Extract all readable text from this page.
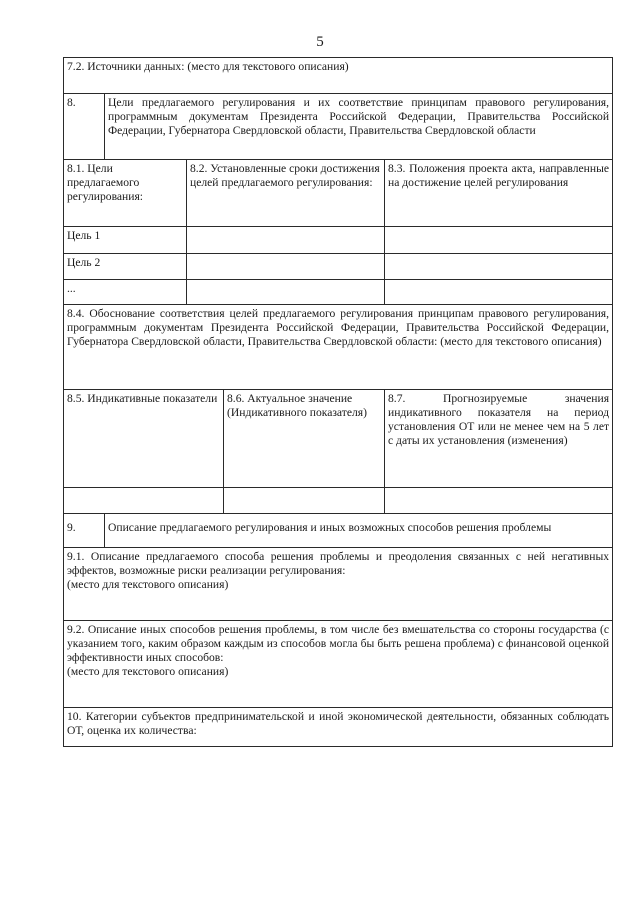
5
7.2. Источники данных: (место для текстового описания)				
8.	Цели предлагаемого регулирования и их соответствие принципам правового регулирования, программным документам Президента Российской Федерации, Правительства Российской Федерации, Губернатора Свердловской области, Правительства Свердловской области			
8.1. Цели предлагаемого регулирования:		8.2. Установленные сроки достижения целей предлагаемого регулирования:		8.3. Положения проекта акта, направленные на достижение целей регулирования
Цель 1				
Цель 2				
...				
8.4. Обоснование соответствия целей предлагаемого регулирования принципам правового регулирования, программным документам Президента Российской Федерации, Правительства Российской Федерации, Губернатора Свердловской области, Правительства Свердловской области: (место для текстового описания)				
8.5. Индикативные показатели			8.6. Актуальное значение (Индикативного показателя)	8.7. Прогнозируемые значения индикативного показателя на период установления ОТ или не менее чем на 5 лет с даты их установления (изменения)

9.	Описание предлагаемого регулирования и иных возможных способов решения проблемы			

9.1. Описание предлагаемого способа решения проблемы и преодоления связанных с ней негативных эффектов, возможные риски реализации регулирования:
(место для текстового описания)				

9.2. Описание иных способов решения проблемы, в том числе без вмешательства со стороны государства (с указанием того, каким образом каждым из способов могла бы быть решена проблема) с финансовой оценкой эффективности иных способов:
(место для текстового описания)				

10. Категории субъектов предпринимательской и иной экономической деятельности, обязанных соблюдать ОТ, оценка их количества:				
